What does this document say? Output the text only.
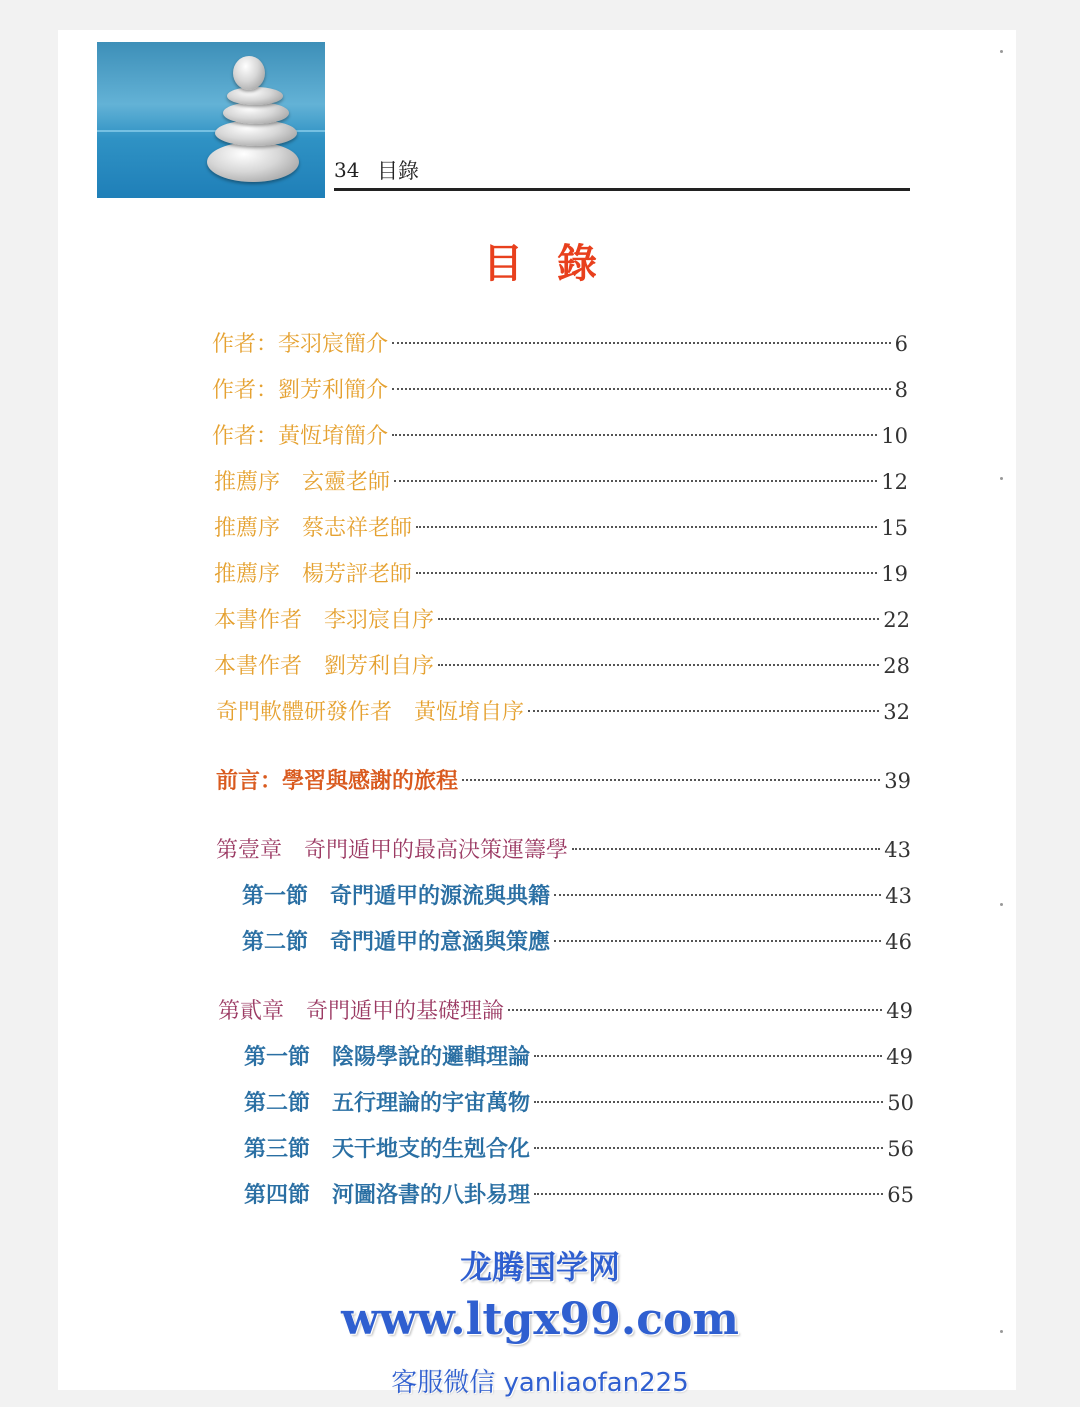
34 目錄
目錄
作者：李羽宸簡介	6
作者：劉芳利簡介	8
作者：黃恆堉簡介	10
推薦序　玄靈老師	12
推薦序　蔡志祥老師	15
推薦序　楊芳評老師	19
本書作者　李羽宸自序	22
本書作者　劉芳利自序	28
奇門軟體研發作者　黃恆堉自序	32
前言：學習與感謝的旅程	39
第壹章　奇門遁甲的最高決策運籌學	43
第一節　奇門遁甲的源流與典籍	43
第二節　奇門遁甲的意涵與策應	46
第貳章　奇門遁甲的基礎理論	49
第一節　陰陽學說的邏輯理論	49
第二節　五行理論的宇宙萬物	50
第三節　天干地支的生剋合化	56
第四節　河圖洛書的八卦易理	65
龙腾国学网
www.ltgx99.com
客服微信 yanliaofan225
